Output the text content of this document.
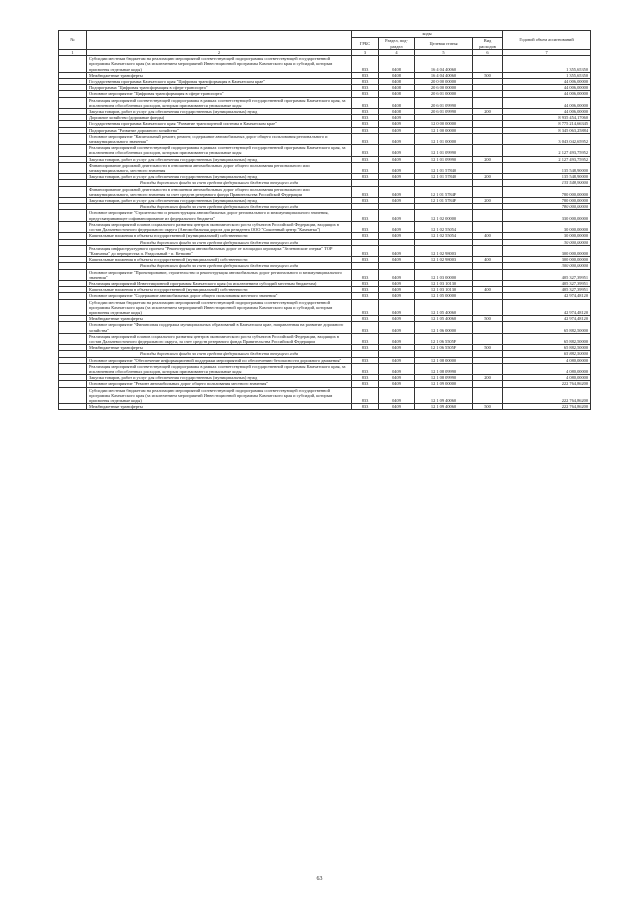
№		коды				Годовой объем ассигнований
		ГРБС	Раздел, под- раздел	Целевая статья	Вид расходов	
1	2	3	4	5	6	7
	Субсидии местным бюджетам на реализацию мероприятий соответствующей подпрограммы соответствующей государственной программы Камчатского края (за исключением мероприятий Инвестиционной программы Камчатского края и субсидий, которым присвоены отдельные коды)	833	0408	16 4 04 40060		1 355,65350
	Межбюджетные трансферты	833	0408	16 4 04 40060	500	1 355,65350
	Государственная программа Камчатского края "Цифровая трансформация в Камчатском крае"	833	0408	20 0 00 00000		44 006,00000
	Подпрограмма "Цифровая трансформация в сфере транспорта"	833	0408	20 6 00 00000		44 006,00000
	Основное мероприятие "Цифровая трансформация в сфере транспорта"	833	0408	20 6 01 00000		44 006,00000
	Реализация мероприятий соответствующей подпрограммы в рамках соответствующей государственной программы Камчатского края, за исключением обособленных расходов, которым присваиваются уникальные коды	833	0408	20 6 01 09990		44 006,00000
	Закупка товаров, работ и услуг для обеспечения государственных (муниципальных) нужд	833	0408	20 6 01 09990	200	44 006,00000
	Дорожное хозяйство (дорожные фонды)	833	0409			8 935 454,17060
	Государственная программа Камчатского края "Развитие транспортной системы в Камчатском крае"	833	0409	12 0 00 00000		8 775 214,66345
	Подпрограмма "Развитие дорожного хозяйства"	833	0409	12 1 00 00000		8 345 063,25884
	Основное мероприятие "Капитальный ремонт, ремонт, содержание автомобильных дорог общего пользования регионального и межмуниципального значения"	833	0409	12 1 01 00000		3 043 042,65952
	Реализация мероприятий соответствующей подпрограммы в рамках соответствующей государственной программы Камчатского края, за исключением обособленных расходов, которым присваиваются уникальные коды	833	0409	12 1 01 09990		2 127 493,75952
	Закупка товаров, работ и услуг для обеспечения государственных (муниципальных) нужд	833	0409	12 1 01 09990	200	2 127 493,75952
	Финансирование дорожной деятельности в отношении автомобильных дорог общего пользования регионального или межмуниципального, местного значения	833	0409	12 1 01 57840		135 548,90000
	Закупка товаров, работ и услуг для обеспечения государственных (муниципальных) нужд	833	0409	12 1 01 57840	200	135 548,90000
	Расходы дорожного фонда за счет средств федерального бюджета текущего года					135 548,90000
	Финансирование дорожной деятельности в отношении автомобильных дорог общего пользования регионального или межмуниципального, местного значения за счет средств резервного фонда Правительства Российской Федерации	833	0409	12 1 01 5784F		780 000,00000
	Закупка товаров, работ и услуг для обеспечения государственных (муниципальных) нужд	833	0409	12 1 01 5784F	200	780 000,00000
	Расходы дорожного фонда за счет средств федерального бюджета текущего года					780 000,00000
	Основное мероприятие "Строительство и реконструкция автомобильных дорог регионального и межмуниципального значения, предусматривающее софинансирование из федерального бюджета"	833	0409	12 1 02 00000		330 000,00000
	Реализация мероприятий планов социального развития центров экономического роста субъектов Российской Федерации, входящих в состав Дальневосточного федерального округа (Автомобильная дорога для резидента ООО "Сокоенный центр "Камчатка")	833	0409	12 1 02 55054		30 000,00000
	Капитальные вложения в объекты государственной (муниципальной) собственности	833	0409	12 1 02 55054	400	30 000,00000
	Расходы дорожного фонда за счет средств федерального бюджета текущего года					30 000,00000
	Реализация инфраструктурного проекта "Реконструкция автомобильных дорог от площадки агропарка "Зеленовские озерки" ТОР "Камчатка" до перекрестка п. Раздольный - п. Кеткино"	833	0409	12 1 02 98003		300 000,00000
	Капитальные вложения в объекты государственной (муниципальной) собственности	833	0409	12 1 02 98003	400	300 000,00000
	Расходы дорожного фонда за счет средств федерального бюджета текущего года					300 000,00000
	Основное мероприятие "Проектирование, строительство и реконструкция автомобильных дорог регионального и межмуниципального значения"	833	0409	12 1 03 00000		405 327,39951
	Реализация мероприятий Инвестиционной программы Камчатского края (за исключением субсидий местным бюджетам)	833	0409	12 1 03 10130		405 327,39951
	Капитальные вложения в объекты государственной (муниципальной) собственности	833	0409	12 1 03 10130	400	405 327,39951
	Основное мероприятие "Содержание автомобильных дорог общего пользования местного значения"	833	0409	12 1 05 00000		42 974,48120
	Субсидии местным бюджетам на реализацию мероприятий соответствующей подпрограммы соответствующей государственной программы Камчатского края (за исключением мероприятий Инвестиционной программы Камчатского края и субсидий, которым присвоены отдельные коды)	833	0409	12 1 05 40060		42 974,48120
	Межбюджетные трансферты	833	0409	12 1 05 40060	500	42 974,48120
	Основное мероприятие "Финансовая поддержка муниципальных образований в Камчатском крае, направленная на развитие дорожного хозяйства"	833	0409	12 1 06 00000		65 882,50000
	Реализация мероприятий планов социального развития центров экономического роста субъектов Российской Федерации, входящих в состав Дальневосточного федерального округа, за счет средств резервного фонда Правительства Российской Федерации	833	0409	12 1 06 5505F		65 882,50000
	Межбюджетные трансферты	833	0409	12 1 06 5505F	500	65 882,50000
	Расходы дорожного фонда за счет средств федерального бюджета текущего года					65 882,50000
	Основное мероприятие "Обеспечение информационной поддержки мероприятий по обеспечению безопасности дорожного движения"	833	0409	12 1 08 00000		4 080,00000
	Реализация мероприятий соответствующей подпрограммы в рамках соответствующей государственной программы Камчатского края, за исключением обособленных расходов, которым присваиваются уникальные коды	833	0409	12 1 08 09990		4 080,00000
	Закупка товаров, работ и услуг для обеспечения государственных (муниципальных) нужд	833	0409	12 1 08 09990	200	4 080,00000
	Основное мероприятие "Ремонт автомобильных дорог общего пользования местного значения"	833	0409	12 1 09 00000		222 764,86200
	Субсидии местным бюджетам на реализацию мероприятий соответствующей подпрограммы соответствующей государственной программы Камчатского края (за исключением мероприятий Инвестиционной программы Камчатского края и субсидий, которым присвоены отдельные коды)	833	0409	12 1 09 40060		222 764,86200
	Межбюджетные трансферты	833	0409	12 1 09 40060	500	222 764,86200
63
